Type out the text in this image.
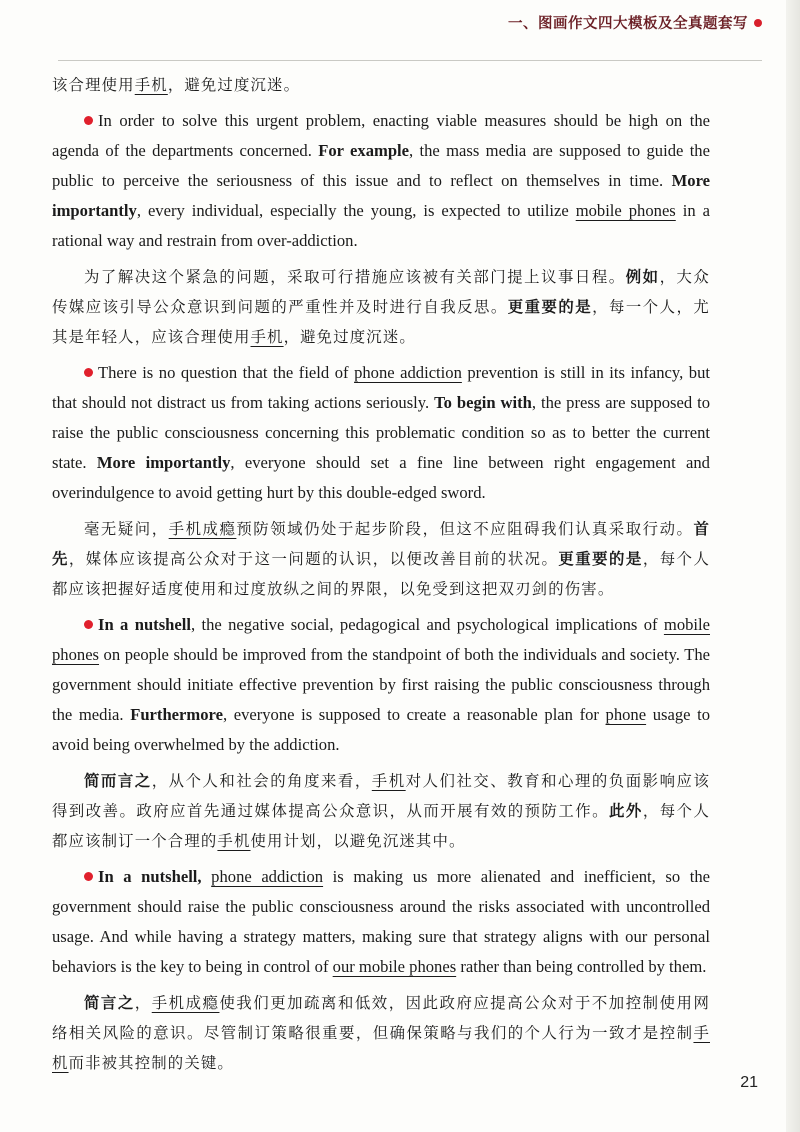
一、图画作文四大模板及全真题套写

该合理使用手机，避免过度沉迷。

In order to solve this urgent problem, enacting viable measures should be high on the agenda of the departments concerned. For example, the mass media are supposed to guide the public to perceive the seriousness of this issue and to reflect on themselves in time. More importantly, every individual, especially the young, is expected to utilize mobile phones in a rational way and restrain from over-addiction.

为了解决这个紧急的问题，采取可行措施应该被有关部门提上议事日程。例如，大众传媒应该引导公众意识到问题的严重性并及时进行自我反思。更重要的是，每一个人，尤其是年轻人，应该合理使用手机，避免过度沉迷。

There is no question that the field of phone addiction prevention is still in its infancy, but that should not distract us from taking actions seriously. To begin with, the press are supposed to raise the public consciousness concerning this problematic condition so as to better the current state. More importantly, everyone should set a fine line between right engagement and overindulgence to avoid getting hurt by this double-edged sword.

毫无疑问，手机成瘾预防领域仍处于起步阶段，但这不应阻碍我们认真采取行动。首先，媒体应该提高公众对于这一问题的认识，以便改善目前的状况。更重要的是，每个人都应该把握好适度使用和过度放纵之间的界限，以免受到这把双刃剑的伤害。

In a nutshell, the negative social, pedagogical and psychological implications of mobile phones on people should be improved from the standpoint of both the individuals and society. The government should initiate effective prevention by first raising the public consciousness through the media. Furthermore, everyone is supposed to create a reasonable plan for phone usage to avoid being overwhelmed by the addiction.

简而言之，从个人和社会的角度来看，手机对人们社交、教育和心理的负面影响应该得到改善。政府应首先通过媒体提高公众意识，从而开展有效的预防工作。此外，每个人都应该制订一个合理的手机使用计划，以避免沉迷其中。

In a nutshell, phone addiction is making us more alienated and inefficient, so the government should raise the public consciousness around the risks associated with uncontrolled usage. And while having a strategy matters, making sure that strategy aligns with our personal behaviors is the key to being in control of our mobile phones rather than being controlled by them.

简言之，手机成瘾使我们更加疏离和低效，因此政府应提高公众对于不加控制使用网络相关风险的意识。尽管制订策略很重要，但确保策略与我们的个人行为一致才是控制手机而非被其控制的关键。

21
